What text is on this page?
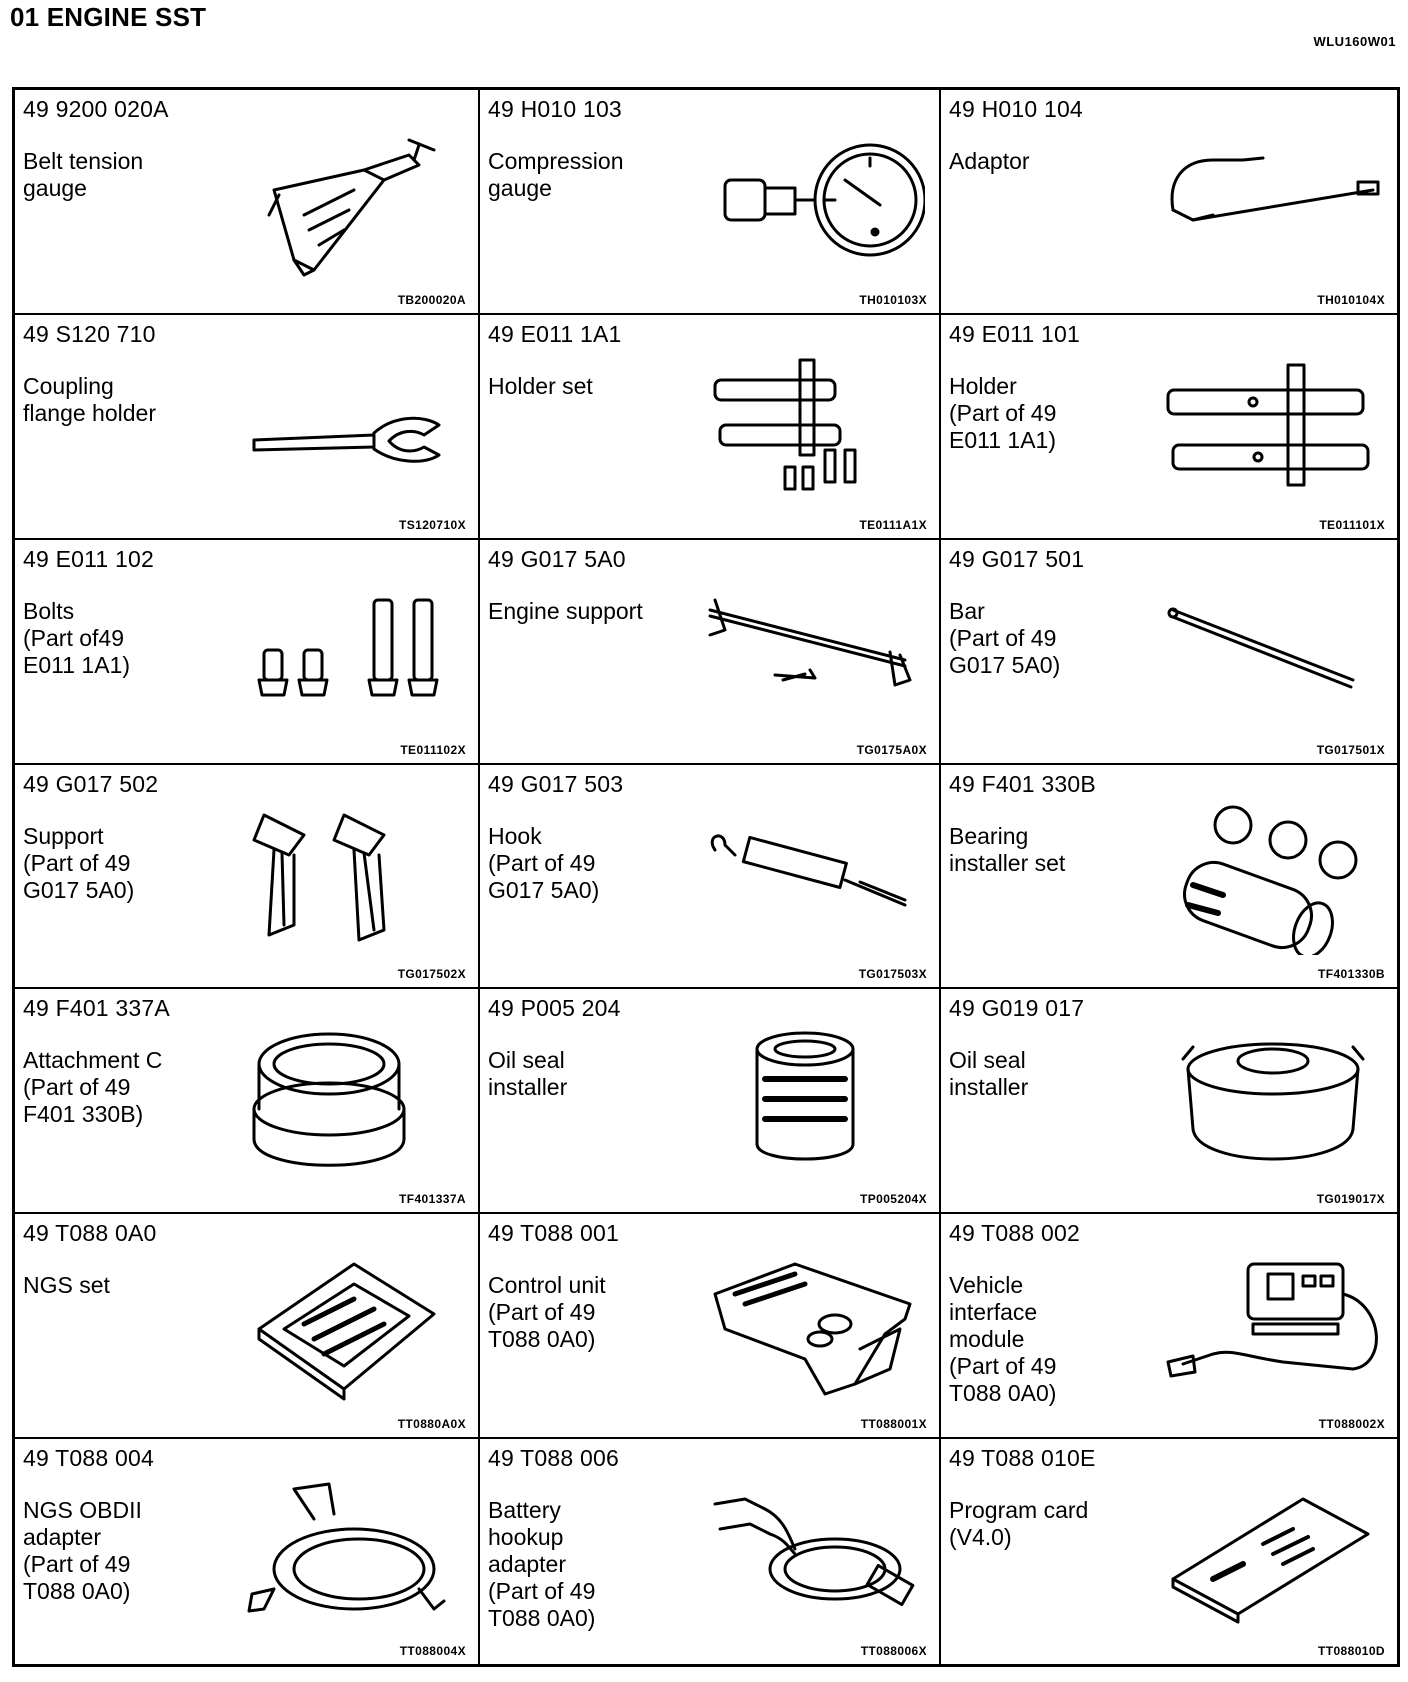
01 ENGINE SST
WLU160W01
49 9200 020A
Belt tension
gauge
TB200020A
49 H010 103
Compression
gauge
TH010103X
49 H010 104
Adaptor
TH010104X
49 S120 710
Coupling
flange holder
TS120710X
49 E011 1A1
Holder set
TE0111A1X
49 E011 101
Holder
(Part of 49
E011 1A1)
TE011101X
49 E011 102
Bolts
(Part of49
E011 1A1)
TE011102X
49 G017 5A0
Engine support
TG0175A0X
49 G017 501
Bar
(Part of 49
G017 5A0)
TG017501X
49 G017 502
Support
(Part of 49
G017 5A0)
TG017502X
49 G017 503
Hook
(Part of 49
G017 5A0)
TG017503X
49 F401 330B
Bearing
installer set
TF401330B
49 F401 337A
Attachment C
(Part of 49
F401 330B)
TF401337A
49 P005 204
Oil seal
installer
TP005204X
49 G019 017
Oil seal
installer
TG019017X
49 T088 0A0
NGS set
TT0880A0X
49 T088 001
Control unit
(Part of 49
T088 0A0)
TT088001X
49 T088 002
Vehicle
interface
module
(Part of 49
T088 0A0)
TT088002X
49 T088 004
NGS OBDII
adapter
(Part of 49
T088 0A0)
TT088004X
49 T088 006
Battery
hookup
adapter
(Part of 49
T088 0A0)
TT088006X
49 T088 010E
Program card
(V4.0)
TT088010D
